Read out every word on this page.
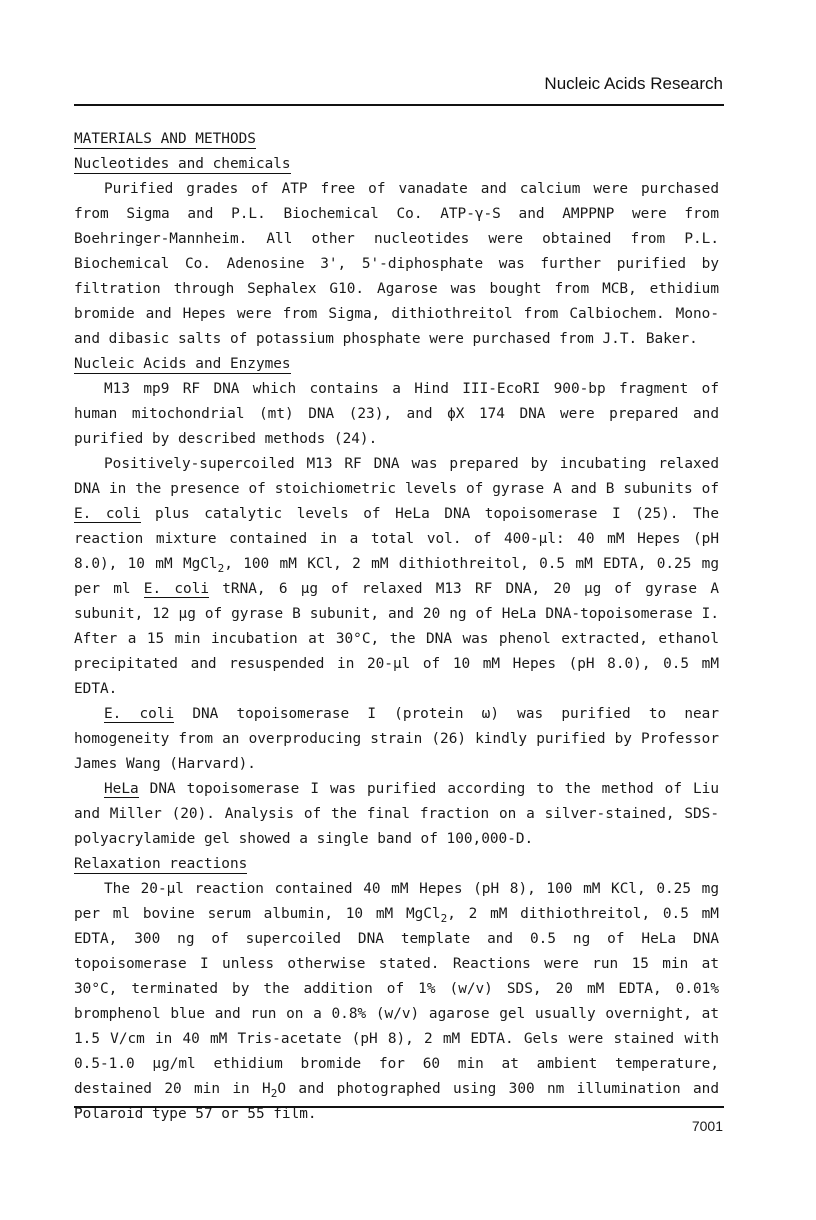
Nucleic Acids Research
MATERIALS AND METHODS
Nucleotides and chemicals

Purified grades of ATP free of vanadate and calcium were purchased from Sigma and P.L. Biochemical Co. ATP-γ-S and AMPPNP were from Boehringer-Mannheim. All other nucleotides were obtained from P.L. Biochemical Co. Adenosine 3', 5'-diphosphate was further purified by filtration through Sephalex G10. Agarose was bought from MCB, ethidium bromide and Hepes were from Sigma, dithiothreitol from Calbiochem. Mono- and dibasic salts of potassium phosphate were purchased from J.T. Baker.

Nucleic Acids and Enzymes

M13 mp9 RF DNA which contains a Hind III-EcoRI 900-bp fragment of human mitochondrial (mt) DNA (23), and ϕX 174 DNA were prepared and purified by described methods (24).

Positively-supercoiled M13 RF DNA was prepared by incubating relaxed DNA in the presence of stoichiometric levels of gyrase A and B subunits of E. coli plus catalytic levels of HeLa DNA topoisomerase I (25). The reaction mixture contained in a total vol. of 400-μl: 40 mM Hepes (pH 8.0), 10 mM MgCl$_2$, 100 mM KCl, 2 mM dithiothreitol, 0.5 mM EDTA, 0.25 mg per ml E. coli tRNA, 6 μg of relaxed M13 RF DNA, 20 μg of gyrase A subunit, 12 μg of gyrase B subunit, and 20 ng of HeLa DNA-topoisomerase I. After a 15 min incubation at 30°C, the DNA was phenol extracted, ethanol precipitated and resuspended in 20-μl of 10 mM Hepes (pH 8.0), 0.5 mM EDTA.

E. coli DNA topoisomerase I (protein ω) was purified to near homogeneity from an overproducing strain (26) kindly purified by Professor James Wang (Harvard).

HeLa DNA topoisomerase I was purified according to the method of Liu and Miller (20). Analysis of the final fraction on a silver-stained, SDS-polyacrylamide gel showed a single band of 100,000-D.

Relaxation reactions

The 20-μl reaction contained 40 mM Hepes (pH 8), 100 mM KCl, 0.25 mg per ml bovine serum albumin, 10 mM MgCl$_2$, 2 mM dithiothreitol, 0.5 mM EDTA, 300 ng of supercoiled DNA template and 0.5 ng of HeLa DNA topoisomerase I unless otherwise stated. Reactions were run 15 min at 30°C, terminated by the addition of 1% (w/v) SDS, 20 mM EDTA, 0.01% bromphenol blue and run on a 0.8% (w/v) agarose gel usually overnight, at 1.5 V/cm in 40 mM Tris-acetate (pH 8), 2 mM EDTA. Gels were stained with 0.5-1.0 μg/ml ethidium bromide for 60 min at ambient temperature, destained 20 min in $H_2O$ and photographed using 300 nm illumination and Polaroid type 57 or 55 film.

7001
